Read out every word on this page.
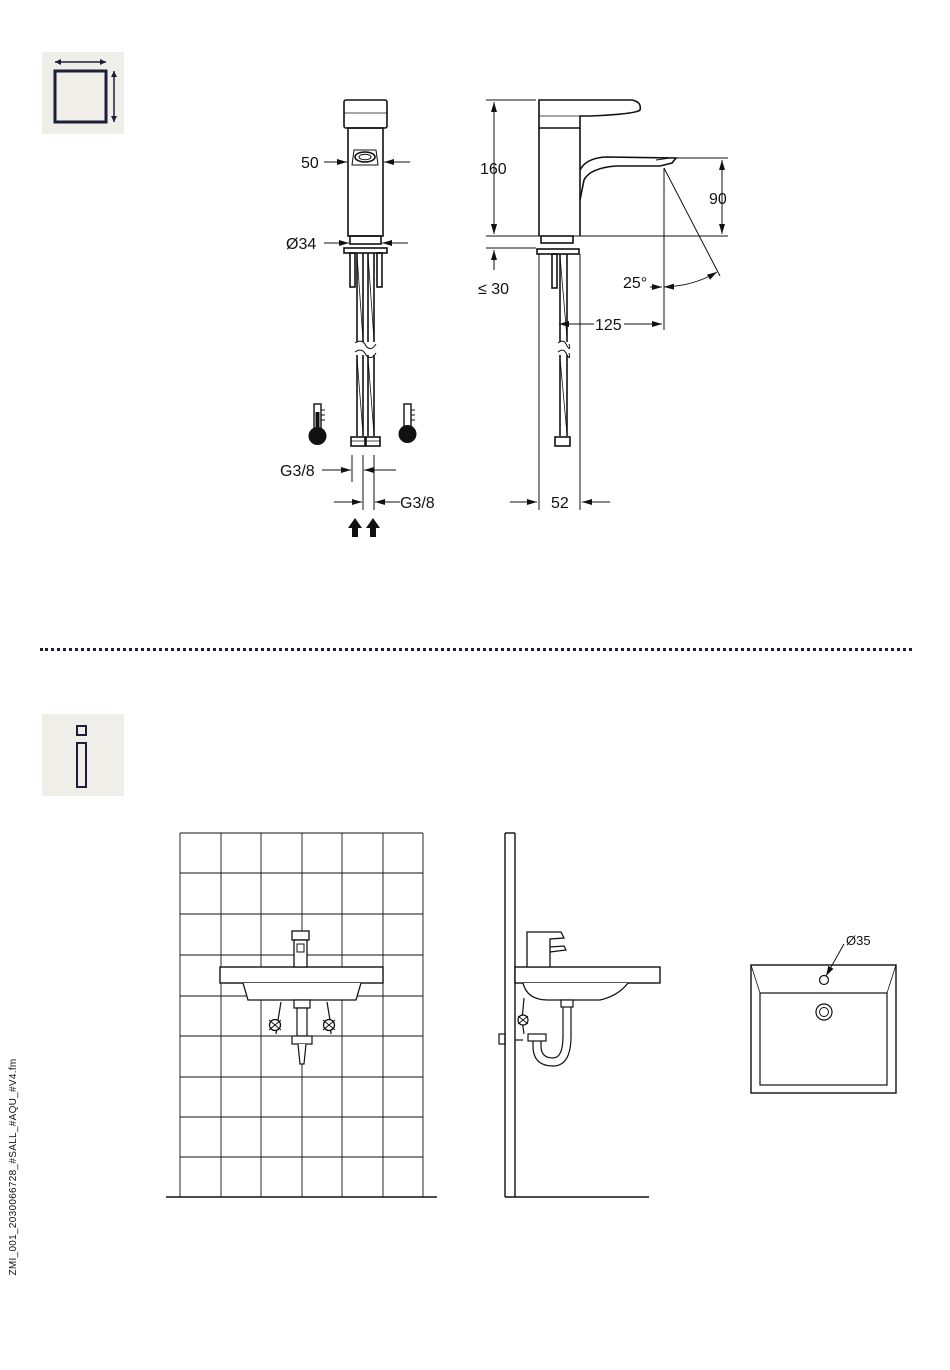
50
Ø34
G3/8
G3/8
160
90
≤ 30	25°
125
52
Ø35
ZMI_001_2030066728_#SALL_#AQU_#V4.fm
